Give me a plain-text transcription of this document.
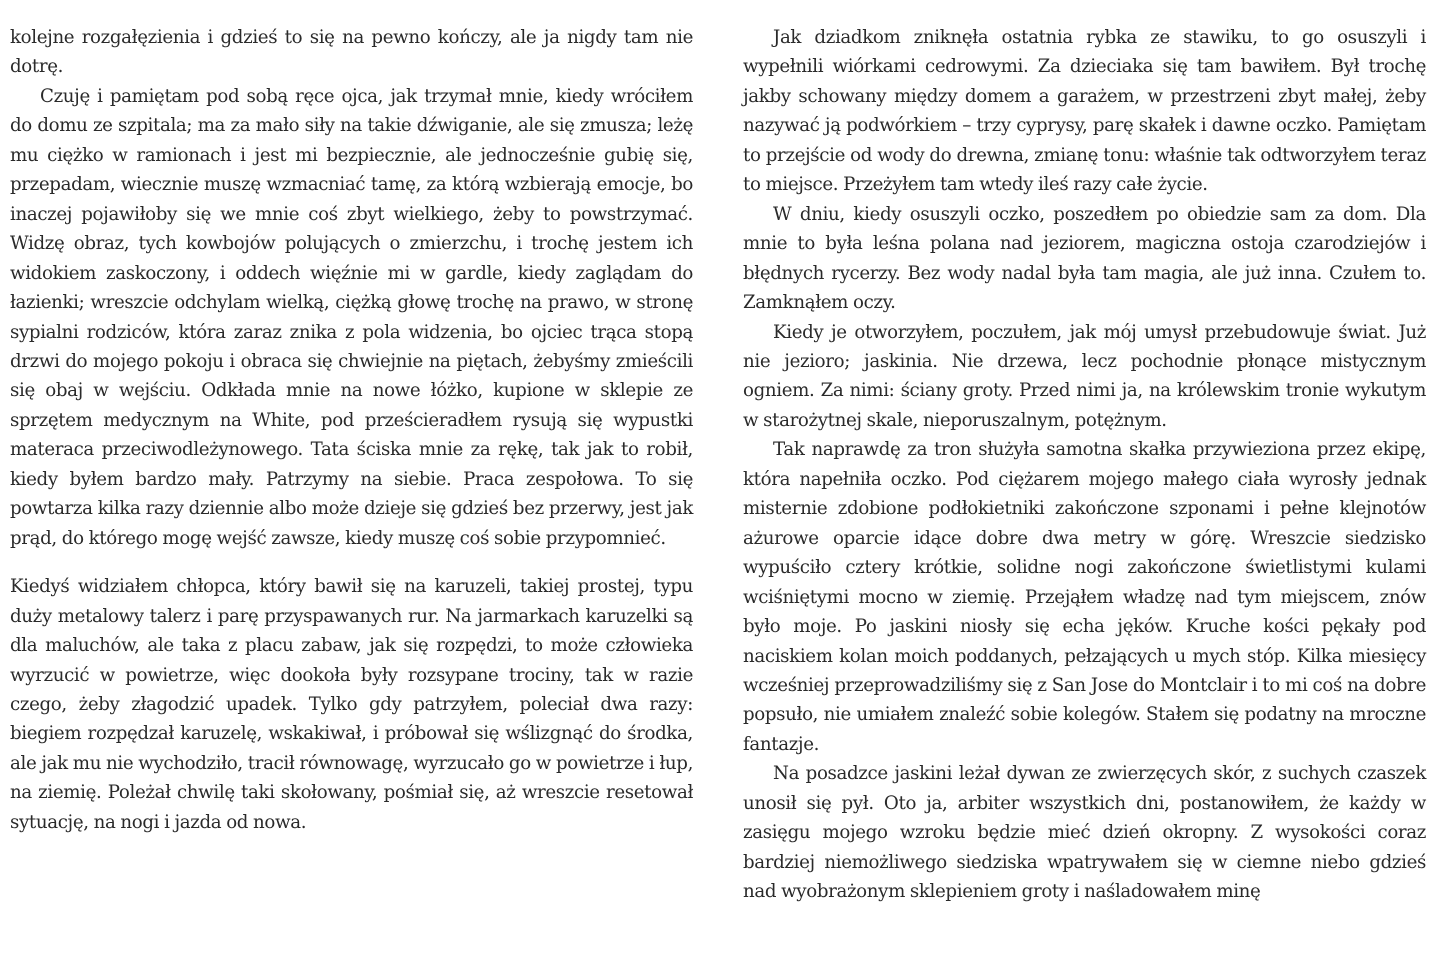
kolejne rozgałęzienia i gdzieś to się na pewno kończy, ale ja nigdy tam nie dotrę.

Czuję i pamiętam pod sobą ręce ojca, jak trzymał mnie, kiedy wróciłem do domu ze szpitala; ma za mało siły na takie dźwiganie, ale się zmusza; leżę mu ciężko w ramionach i jest mi bezpiecznie, ale jednocześnie gubię się, przepadam, wiecznie muszę wzmacniać tamę, za którą wzbierają emocje, bo inaczej pojawiłoby się we mnie coś zbyt wielkiego, żeby to powstrzymać. Widzę obraz, tych kowbojów polujących o zmierzchu, i trochę jestem ich widokiem zaskoczony, i oddech więźnie mi w gardle, kiedy zaglądam do łazienki; wreszcie odchylam wielką, ciężką głowę trochę na prawo, w stronę sypialni rodziców, która zaraz znika z pola widzenia, bo ojciec trąca stopą drzwi do mojego pokoju i obraca się chwiejnie na piętach, żebyśmy zmieścili się obaj w wejściu. Odkłada mnie na nowe łóżko, kupione w sklepie ze sprzętem medycznym na White, pod prześcieradłem rysują się wypustki materaca przeciwodleżynowego. Tata ściska mnie za rękę, tak jak to robił, kiedy byłem bardzo mały. Patrzymy na siebie. Praca zespołowa. To się powtarza kilka razy dziennie albo może dzieje się gdzieś bez przerwy, jest jak prąd, do którego mogę wejść zawsze, kiedy muszę coś sobie przypomnieć.

Kiedyś widziałem chłopca, który bawił się na karuzeli, takiej prostej, typu duży metalowy talerz i parę przyspawanych rur. Na jarmarkach karuzelki są dla maluchów, ale taka z placu zabaw, jak się rozpędzi, to może człowieka wyrzucić w powietrze, więc dookoła były rozsypane trociny, tak w razie czego, żeby złagodzić upadek. Tylko gdy patrzyłem, poleciał dwa razy: biegiem rozpędzał karuzelę, wskakiwał, i próbował się wślizgnąć do środka, ale jak mu nie wychodziło, tracił równowagę, wyrzucało go w powietrze i łup, na ziemię. Poleżał chwilę taki skołowany, pośmiał się, aż wreszcie resetował sytuację, na nogi i jazda od nowa.

Jak dziadkom zniknęła ostatnia rybka ze stawiku, to go osuszyli i wypełnili wiórkami cedrowymi. Za dzieciaka się tam bawiłem. Był trochę jakby schowany między domem a garażem, w przestrzeni zbyt małej, żeby nazywać ją podwórkiem – trzy cyprysy, parę skałek i dawne oczko. Pamiętam to przejście od wody do drewna, zmianę tonu: właśnie tak odtworzyłem teraz to miejsce. Przeżyłem tam wtedy ileś razy całe życie.

W dniu, kiedy osuszyli oczko, poszedłem po obiedzie sam za dom. Dla mnie to była leśna polana nad jeziorem, magiczna ostoja czarodziejów i błędnych rycerzy. Bez wody nadal była tam magia, ale już inna. Czułem to. Zamknąłem oczy.

Kiedy je otworzyłem, poczułem, jak mój umysł przebudowuje świat. Już nie jezioro; jaskinia. Nie drzewa, lecz pochodnie płonące mistycznym ogniem. Za nimi: ściany groty. Przed nimi ja, na królewskim tronie wykutym w starożytnej skale, nieporuszalnym, potężnym.

Tak naprawdę za tron służyła samotna skałka przywieziona przez ekipę, która napełniła oczko. Pod ciężarem mojego małego ciała wyrosły jednak misternie zdobione podłokietniki zakończone szponami i pełne klejnotów ażurowe oparcie idące dobre dwa metry w górę. Wreszcie siedzisko wypuściło cztery krótkie, solidne nogi zakończone świetlistymi kulami wciśniętymi mocno w ziemię. Przejąłem władzę nad tym miejscem, znów było moje. Po jaskini niosły się echa jęków. Kruche kości pękały pod naciskiem kolan moich poddanych, pełzających u mych stóp. Kilka miesięcy wcześniej przeprowadziliśmy się z San Jose do Montclair i to mi coś na dobre popsuło, nie umiałem znaleźć sobie kolegów. Stałem się podatny na mroczne fantazje.

Na posadzce jaskini leżał dywan ze zwierzęcych skór, z suchych czaszek unosił się pył. Oto ja, arbiter wszystkich dni, postanowiłem, że każdy w zasięgu mojego wzroku będzie mieć dzień okropny. Z wysokości coraz bardziej niemożliwego siedziska wpatrywałem się w ciemne niebo gdzieś nad wyobrażonym sklepieniem groty i naśladowałem minę
